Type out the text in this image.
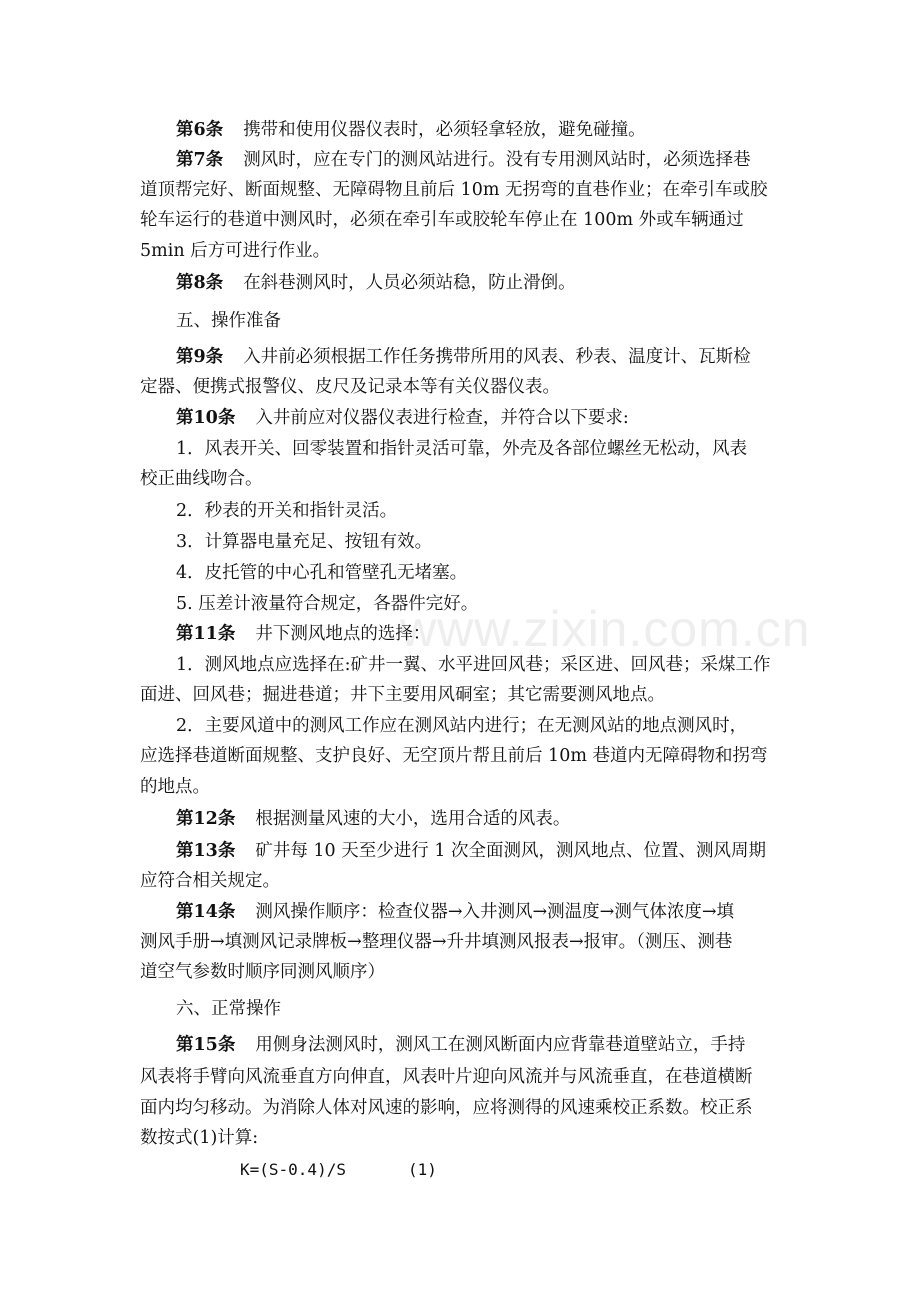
www.zixin.com.cn
第6条 携带和使用仪器仪表时，必须轻拿轻放，避免碰撞。
第7条 测风时，应在专门的测风站进行。没有专用测风站时，必须选择巷
道顶帮完好、断面规整、无障碍物且前后 10m 无拐弯的直巷作业；在牵引车或胶
轮车运行的巷道中测风时，必须在牵引车或胶轮车停止在 100m 外或车辆通过
5min 后方可进行作业。
第8条 在斜巷测风时，人员必须站稳，防止滑倒。
五、操作准备
第9条 入井前必须根据工作任务携带所用的风表、秒表、温度计、瓦斯检
定器、便携式报警仪、皮尺及记录本等有关仪器仪表。
第10条 入井前应对仪器仪表进行检查，并符合以下要求:
1．风表开关、回零装置和指针灵活可靠，外壳及各部位螺丝无松动，风表
校正曲线吻合。
2．秒表的开关和指针灵活。
3．计算器电量充足、按钮有效。
4．皮托管的中心孔和管壁孔无堵塞。
5. 压差计液量符合规定，各器件完好。
第11条 井下测风地点的选择：
1．测风地点应选择在:矿井一翼、水平进回风巷；采区进、回风巷；采煤工作
面进、回风巷；掘进巷道；井下主要用风硐室；其它需要测风地点。
2．主要风道中的测风工作应在测风站内进行；在无测风站的地点测风时，
应选择巷道断面规整、支护良好、无空顶片帮且前后 10m 巷道内无障碍物和拐弯
的地点。
第12条 根据测量风速的大小，选用合适的风表。
第13条 矿井每 10 天至少进行 1 次全面测风，测风地点、位置、测风周期
应符合相关规定。
第14条 测风操作顺序：检查仪器→入井测风→测温度→测气体浓度→填
测风手册→填测风记录牌板→整理仪器→升井填测风报表→报审。（测压、测巷
道空气参数时顺序同测风顺序）
六、正常操作
第15条 用侧身法测风时，测风工在测风断面内应背靠巷道壁站立，手持
风表将手臂向风流垂直方向伸直，风表叶片迎向风流并与风流垂直，在巷道横断
面内均匀移动。为消除人体对风速的影响，应将测得的风速乘校正系数。校正系
数按式(1)计算:
K=(S-0.4)/S	(1)
